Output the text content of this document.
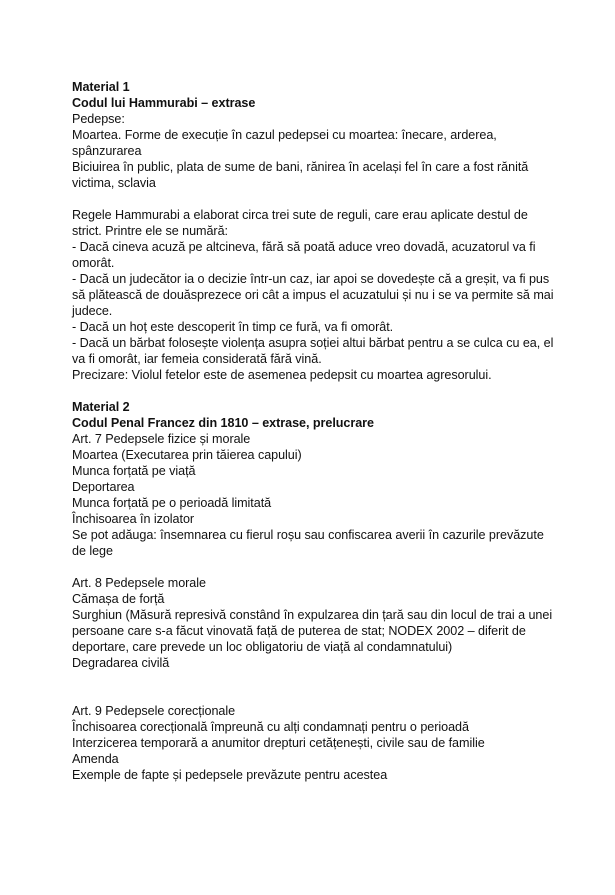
Material 1
Codul lui Hammurabi – extrase
Pedepse:
Moartea. Forme de execuție în cazul pedepsei cu moartea: înecare, arderea,
spânzurarea
Biciuirea în public, plata de sume de bani, rănirea în același fel în care a fost rănită
victima, sclavia
Regele Hammurabi a elaborat circa trei sute de reguli, care erau aplicate destul de
strict. Printre ele se numără:
- Dacă cineva acuză pe altcineva, fără să poată aduce vreo dovadă, acuzatorul va fi
omorât.
- Dacă un judecător ia o decizie într-un caz, iar apoi se dovedește că a greșit, va fi pus
să plătească de douăsprezece ori cât a impus el acuzatului și nu i se va permite să mai
judece.
- Dacă un hoț este descoperit în timp ce fură, va fi omorât.
- Dacă un bărbat folosește violența asupra soției altui bărbat pentru a se culca cu ea, el
va fi omorât, iar femeia considerată fără vină.
Precizare: Violul fetelor este de asemenea pedepsit cu moartea agresorului.
Material 2
Codul Penal Francez din 1810 – extrase, prelucrare
Art. 7 Pedepsele fizice și morale
Moartea (Executarea prin tăierea capului)
Munca forțată pe viață
Deportarea
Munca forțată pe o perioadă limitată
Închisoarea în izolator
Se pot adăuga: însemnarea cu fierul roșu sau confiscarea averii în cazurile prevăzute
de lege
Art. 8 Pedepsele morale
Cămașa de forță
Surghiun (Măsură represivă constând în expulzarea din țară sau din locul de trai a unei
persoane care s-a făcut vinovată față de puterea de stat; NODEX 2002 – diferit de
deportare, care prevede un loc obligatoriu de viață al condamnatului)
Degradarea civilă
Art. 9 Pedepsele corecționale
Închisoarea corecțională împreună cu alți condamnați pentru o perioadă
Interzicerea temporară a anumitor drepturi cetățenești, civile sau de familie
Amenda
Exemple de fapte și pedepsele prevăzute pentru acestea
